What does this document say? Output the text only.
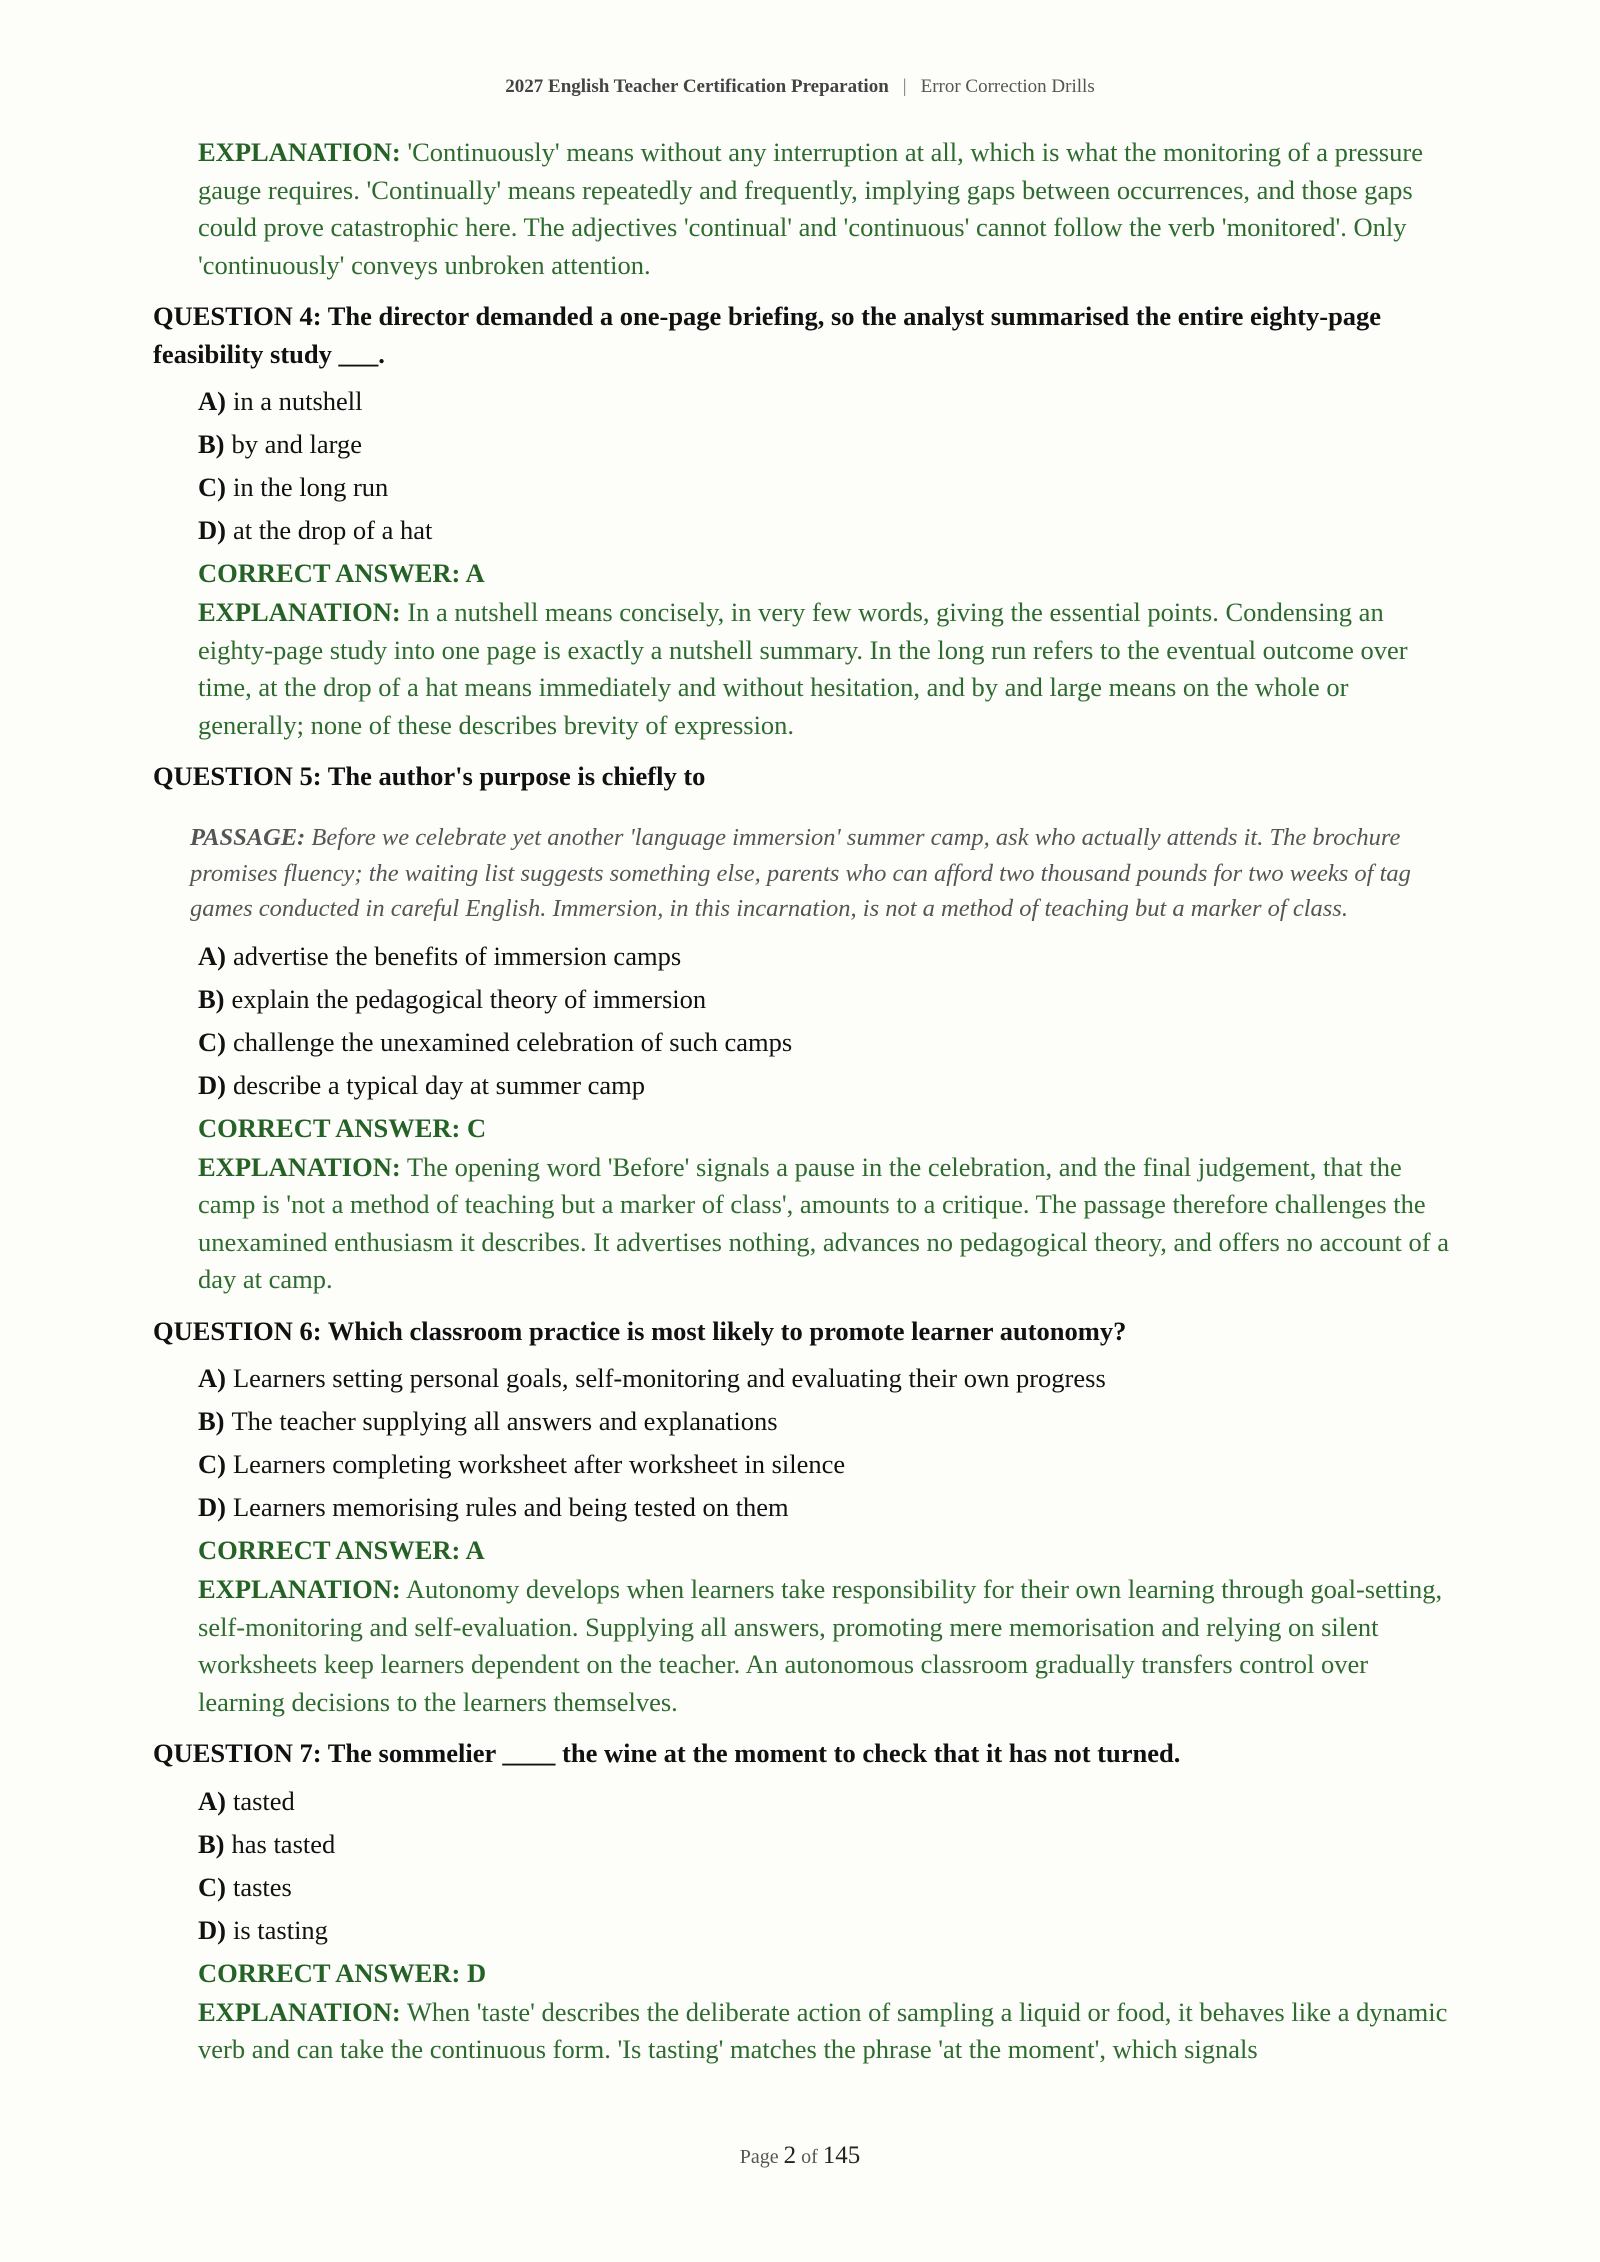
2027 English Teacher Certification Preparation | Error Correction Drills

EXPLANATION: 'Continuously' means without any interruption at all, which is what the monitoring of a pressure gauge requires. 'Continually' means repeatedly and frequently, implying gaps between occurrences, and those gaps could prove catastrophic here. The adjectives 'continual' and 'continuous' cannot follow the verb 'monitored'. Only 'continuously' conveys unbroken attention.

QUESTION 4: The director demanded a one-page briefing, so the analyst summarised the entire eighty-page feasibility study ___.

A) in a nutshell
B) by and large
C) in the long run
D) at the drop of a hat
CORRECT ANSWER: A

EXPLANATION: In a nutshell means concisely, in very few words, giving the essential points. Condensing an eighty-page study into one page is exactly a nutshell summary. In the long run refers to the eventual outcome over time, at the drop of a hat means immediately and without hesitation, and by and large means on the whole or generally; none of these describes brevity of expression.

QUESTION 5: The author's purpose is chiefly to

PASSAGE: Before we celebrate yet another 'language immersion' summer camp, ask who actually attends it. The brochure promises fluency; the waiting list suggests something else, parents who can afford two thousand pounds for two weeks of tag games conducted in careful English. Immersion, in this incarnation, is not a method of teaching but a marker of class.

A) advertise the benefits of immersion camps
B) explain the pedagogical theory of immersion
C) challenge the unexamined celebration of such camps
D) describe a typical day at summer camp
CORRECT ANSWER: C

EXPLANATION: The opening word 'Before' signals a pause in the celebration, and the final judgement, that the camp is 'not a method of teaching but a marker of class', amounts to a critique. The passage therefore challenges the unexamined enthusiasm it describes. It advertises nothing, advances no pedagogical theory, and offers no account of a day at camp.

QUESTION 6: Which classroom practice is most likely to promote learner autonomy?

A) Learners setting personal goals, self-monitoring and evaluating their own progress
B) The teacher supplying all answers and explanations
C) Learners completing worksheet after worksheet in silence
D) Learners memorising rules and being tested on them
CORRECT ANSWER: A

EXPLANATION: Autonomy develops when learners take responsibility for their own learning through goal-setting, self-monitoring and self-evaluation. Supplying all answers, promoting mere memorisation and relying on silent worksheets keep learners dependent on the teacher. An autonomous classroom gradually transfers control over learning decisions to the learners themselves.

QUESTION 7: The sommelier ____ the wine at the moment to check that it has not turned.

A) tasted
B) has tasted
C) tastes
D) is tasting
CORRECT ANSWER: D

EXPLANATION: When 'taste' describes the deliberate action of sampling a liquid or food, it behaves like a dynamic verb and can take the continuous form. 'Is tasting' matches the phrase 'at the moment', which signals

Page 2 of 145
